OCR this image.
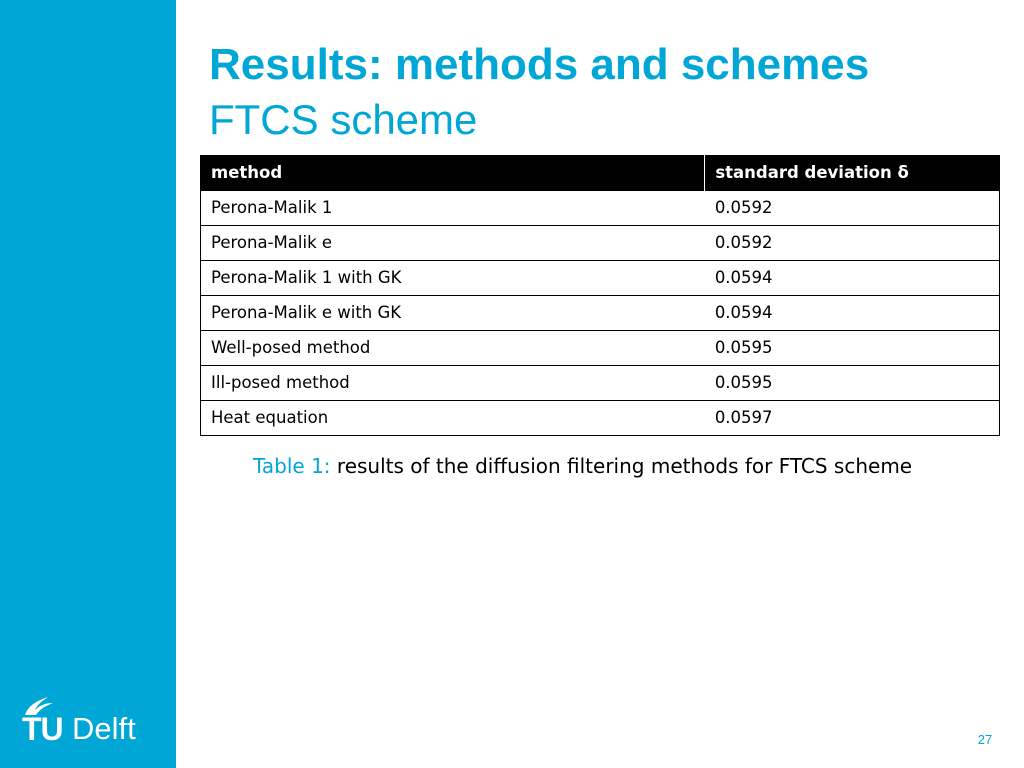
TU Delft
Results: methods and schemes
FTCS scheme
method	standard deviation δ
Perona-Malik 1	0.0592
Perona-Malik e	0.0592
Perona-Malik 1 with GK	0.0594
Perona-Malik e with GK	0.0594
Well-posed method	0.0595
Ill-posed method	0.0595
Heat equation	0.0597
Table 1: results of the diffusion filtering methods for FTCS scheme
27
